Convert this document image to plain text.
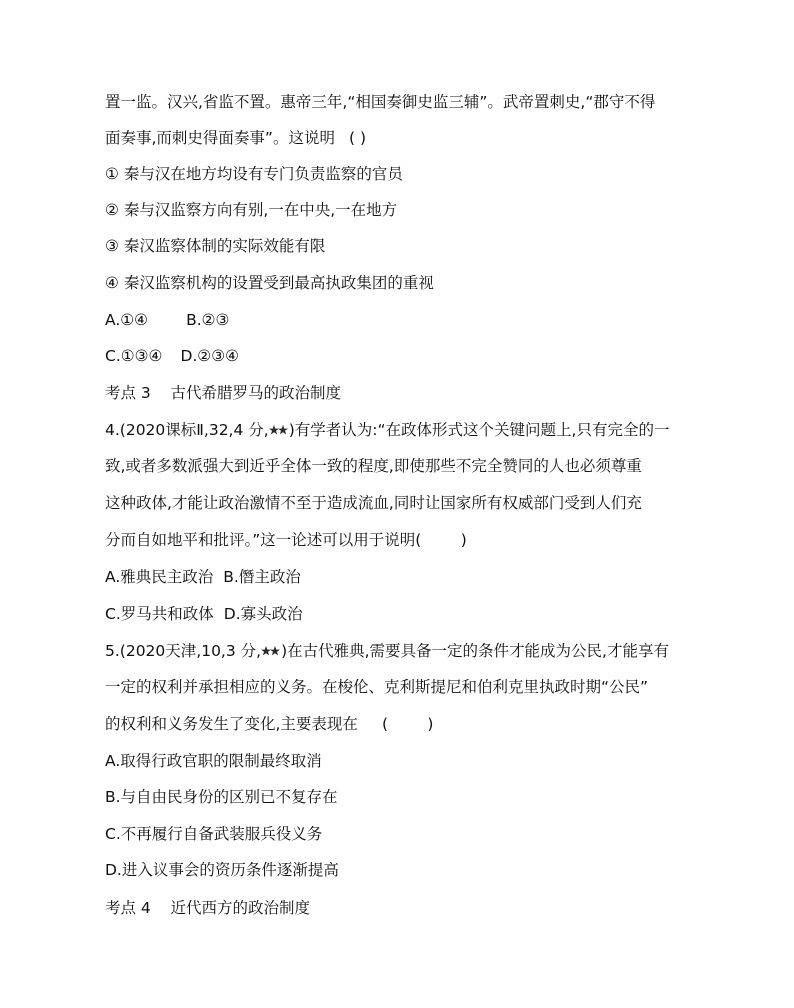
置一监。汉兴,省监不置。惠帝三年,“相国奏御史监三辅”。武帝置刺史,“郡守不得
面奏事,而刺史得面奏事”。这说明 ( )
① 秦与汉在地方均设有专门负责监察的官员
② 秦与汉监察方向有别,一在中央,一在地方
③ 秦汉监察体制的实际效能有限
④ 秦汉监察机构的设置受到最高执政集团的重视
A.①④ B.②③
C.①③④ D.②③④
考点 3    古代希腊罗马的政治制度
4.(2020课标Ⅱ,32,4 分, )有学者认为:“在政体形式这个关键问题上,只有完全的一
致,或者多数派强大到近乎全体一致的程度,即使那些不完全赞同的人也必须尊重
这种政体,才能让政治激情不至于造成流血,同时让国家所有权威部门受到人们充
分而自如地平和批评。”这一论述可以用于说明(        )
A.雅典民主政治 B.僭主政治
C.罗马共和政体 D.寡头政治
5.(2020天津,10,3 分, )在古代雅典,需要具备一定的条件才能成为公民,才能享有
一定的权利并承担相应的义务。在梭伦、克利斯提尼和伯利克里执政时期“公民”
的权利和义务发生了变化,主要表现在 (        )
A.取得行政官职的限制最终取消
B.与自由民身份的区别已不复存在
C.不再履行自备武装服兵役义务
D.进入议事会的资历条件逐渐提高
考点 4    近代西方的政治制度
